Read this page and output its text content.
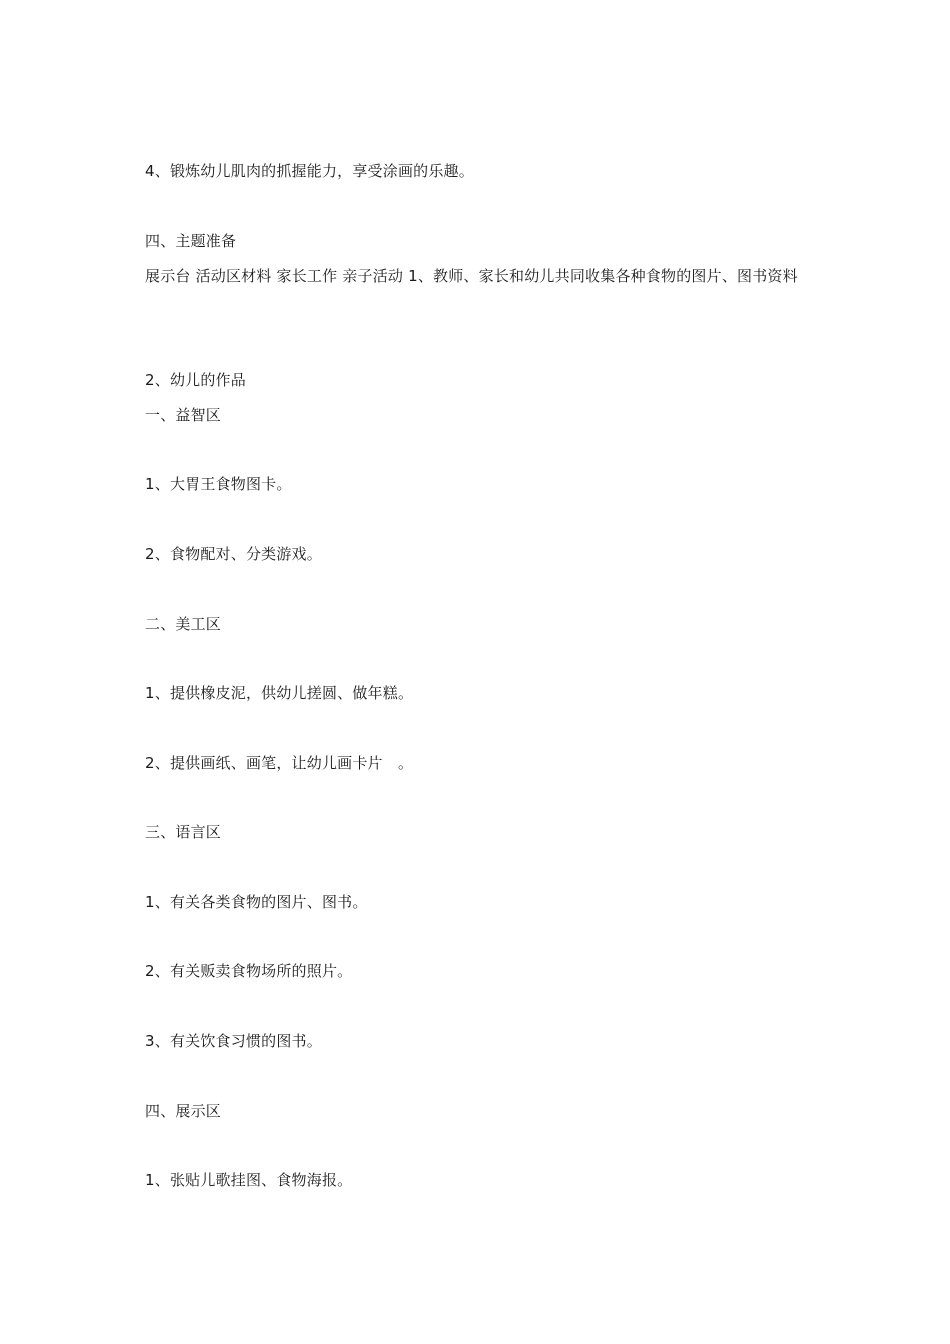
4、锻炼幼儿肌肉的抓握能力，享受涂画的乐趣。
四、主题准备
展示台 活动区材料 家长工作 亲子活动 1、教师、家长和幼儿共同收集各种食物的图片、图书资料
2、幼儿的作品
一、益智区
1、大胃王食物图卡。
2、食物配对、分类游戏。
二、美工区
1、提供橡皮泥，供幼儿搓圆、做年糕。
2、提供画纸、画笔，让幼儿画卡片　。
三、语言区
1、有关各类食物的图片、图书。
2、有关贩卖食物场所的照片。
3、有关饮食习惯的图书。
四、展示区
1、张贴儿歌挂图、食物海报。
